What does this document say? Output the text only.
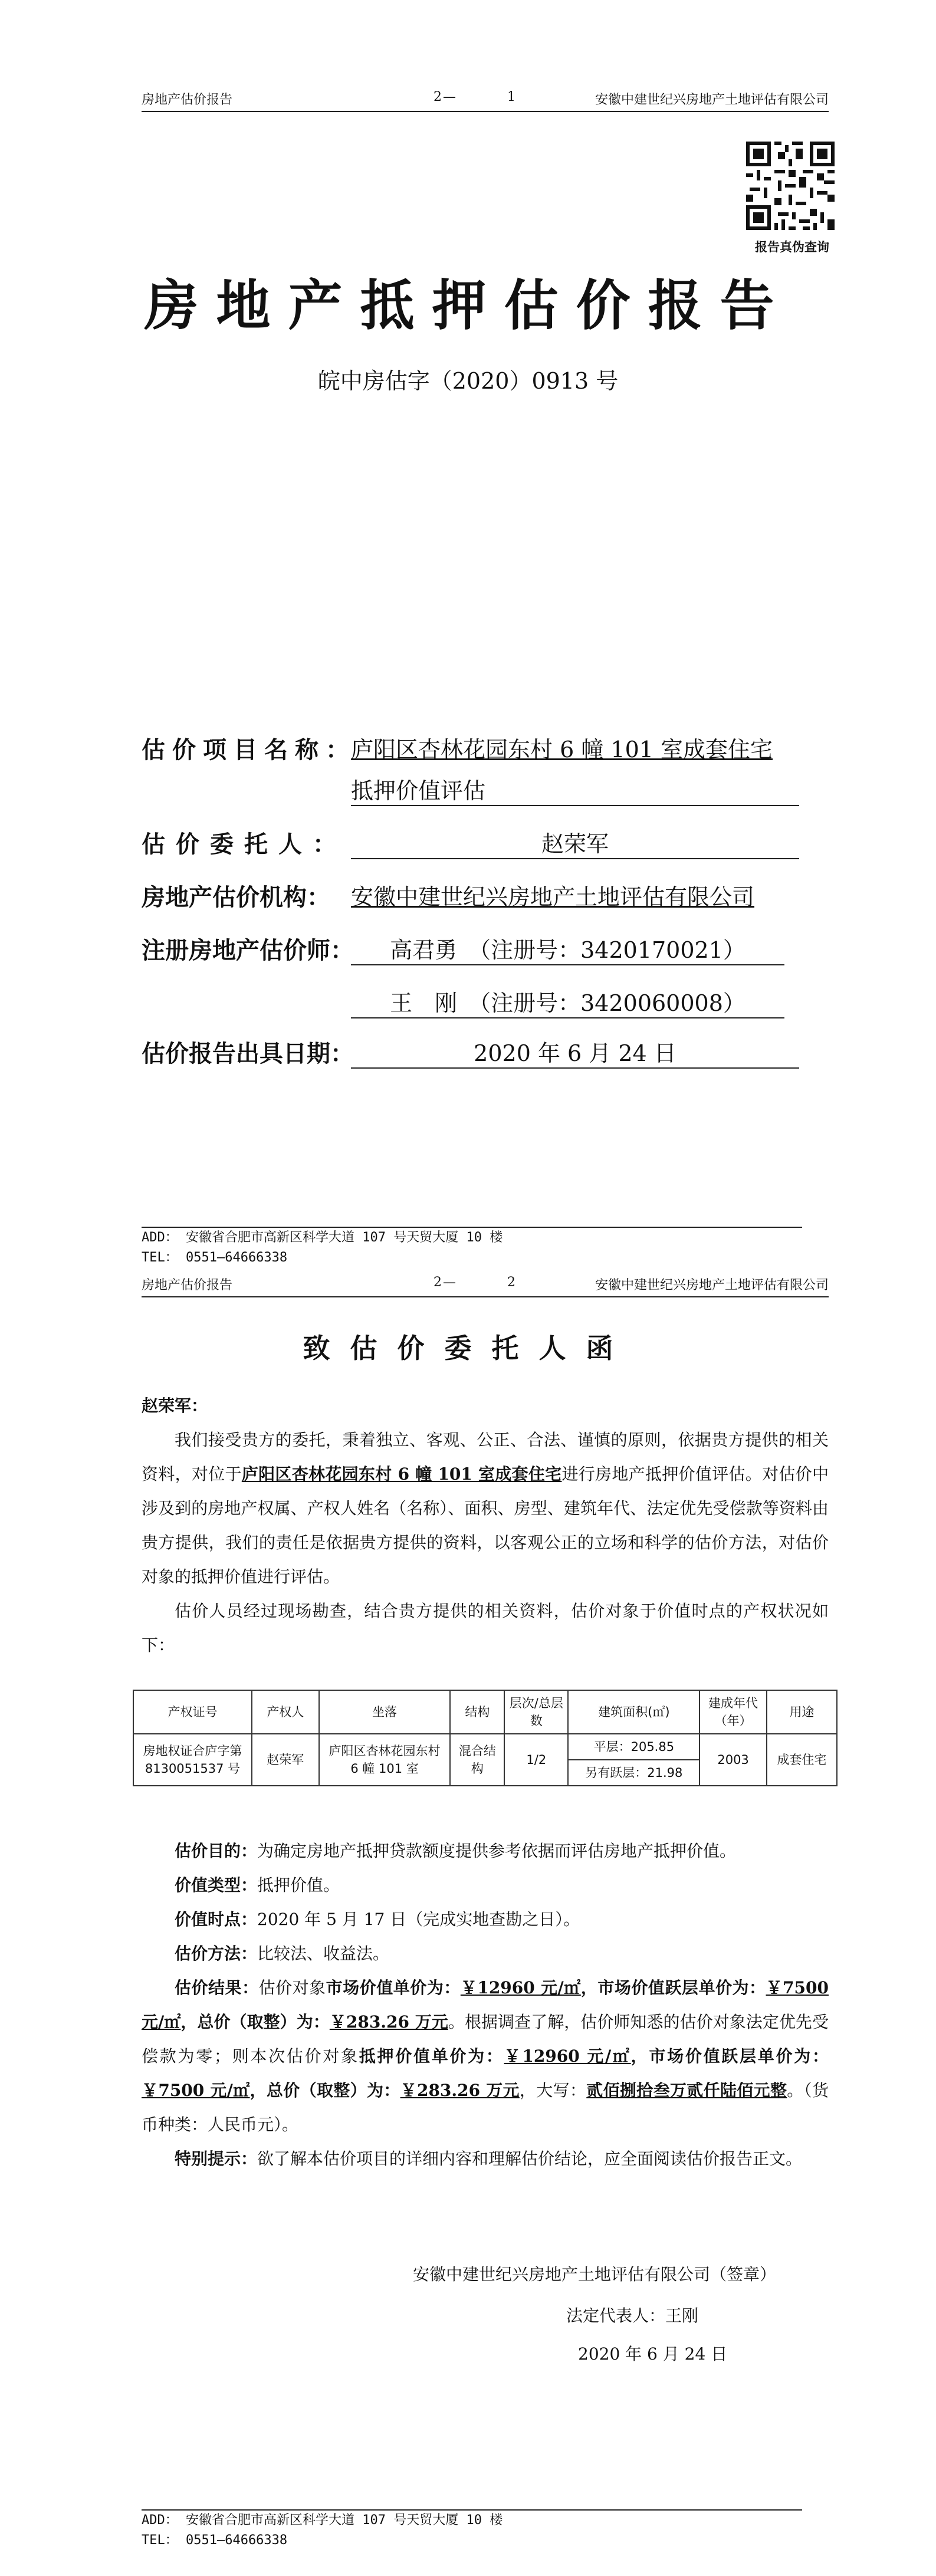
房地产估价报告	2—	1	安徽中建世纪兴房地产土地评估有限公司
报告真伪查询
房地产抵押估价报告
皖中房估字（2020）0913 号
估价项目名称：
庐阳区杏林花园东村 6 幢 101 室成套住宅
抵押价值评估
估价委托人：	赵荣军
房地产估价机构： 安徽中建世纪兴房地产土地评估有限公司
注册房地产估价师：	高君勇　（注册号：3420170021）
王　刚　（注册号：3420060008）
估价报告出具日期：	2020 年 6 月 24 日
ADD： 安徽省合肥市高新区科学大道 107 号天贸大厦 10 楼
TEL： 0551—64666338
房地产估价报告	2—	2	安徽中建世纪兴房地产土地评估有限公司
致估价委托人函

赵荣军：

我们接受贵方的委托，秉着独立、客观、公正、合法、谨慎的原则，依据贵方提供的相关资料，对位于庐阳区杏林花园东村 6 幢 101 室成套住宅进行房地产抵押价值评估。对估价中涉及到的房地产权属、产权人姓名（名称）、面积、房型、建筑年代、法定优先受偿款等资料由贵方提供，我们的责任是依据贵方提供的资料，以客观公正的立场和科学的估价方法，对估价对象的抵押价值进行评估。

估价人员经过现场勘查，结合贵方提供的相关资料，估价对象于价值时点的产权状况如下：

产权证号	产权人	坐落	结构	层次/总层数	建筑面积(㎡)	建成年代（年）	用途
房地权证合庐字第 8130051537 号	赵荣军	庐阳区杏林花园东村 6 幢 101 室	混合结构	1/2	平层：205.85	2003	成套住宅
					另有跃层：21.98		

估价目的：为确定房地产抵押贷款额度提供参考依据而评估房地产抵押价值。

价值类型：抵押价值。

价值时点：2020 年 5 月 17 日（完成实地查勘之日）。

估价方法：比较法、收益法。

估价结果：估价对象市场价值单价为：￥12960 元/㎡，市场价值跃层单价为：￥7500 元/㎡，总价（取整）为：￥283.26 万元。根据调查了解，估价师知悉的估价对象法定优先受偿款为零；则本次估价对象抵押价值单价为：￥12960 元/㎡，市场价值跃层单价为：￥7500 元/㎡，总价（取整）为：￥283.26 万元，大写：贰佰捌拾叁万贰仟陆佰元整。（货币种类：人民币元）。

特别提示：欲了解本估价项目的详细内容和理解估价结论，应全面阅读估价报告正文。

安徽中建世纪兴房地产土地评估有限公司（签章）
法定代表人：王刚
2020 年 6 月 24 日
ADD： 安徽省合肥市高新区科学大道 107 号天贸大厦 10 楼
TEL： 0551—64666338
